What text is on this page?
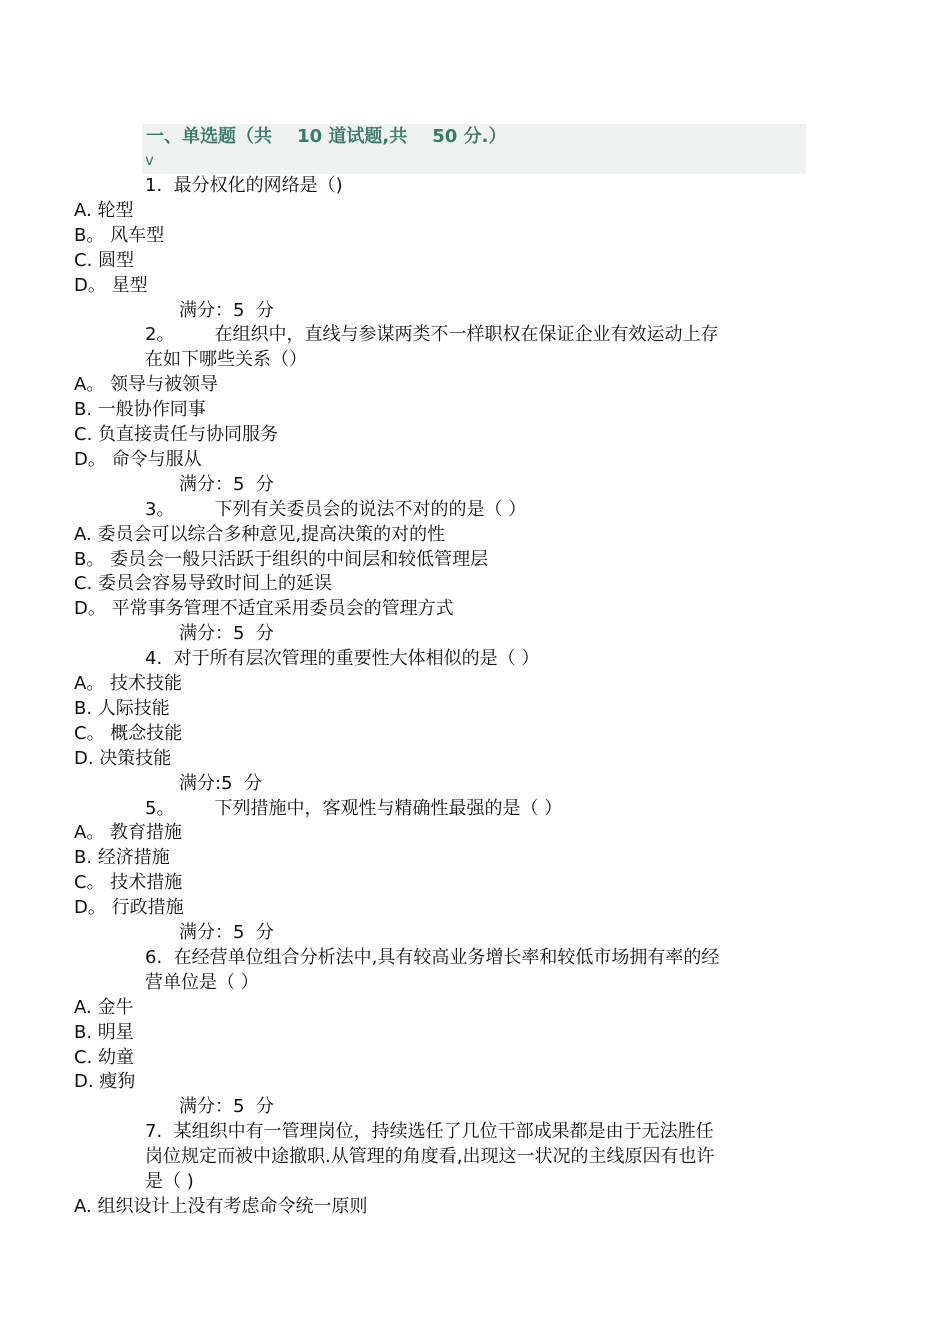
一、单选题（共    10 道试题,共    50 分.）
v
1.  最分权化的网络是（)
A. 轮型
B。 风车型
C. 圆型
D。 星型
满分：5  分
2。       在组织中，直线与参谋两类不一样职权在保证企业有效运动上存
在如下哪些关系（）
A。 领导与被领导
B. 一般协作同事
C. 负直接责任与协同服务
D。 命令与服从
满分：5  分
3。       下列有关委员会的说法不对的的是（ ）
A. 委员会可以综合多种意见,提高决策的对的性
B。 委员会一般只活跃于组织的中间层和较低管理层
C. 委员会容易导致时间上的延误
D。 平常事务管理不适宜采用委员会的管理方式
满分：5  分
4.  对于所有层次管理的重要性大体相似的是（ ）
A。 技术技能
B. 人际技能
C。 概念技能
D. 决策技能
满分:5  分
5。       下列措施中，客观性与精确性最强的是（ ）
A。 教育措施
B. 经济措施
C。 技术措施
D。 行政措施
满分：5  分
6.  在经营单位组合分析法中,具有较高业务增长率和较低市场拥有率的经
营单位是（ ）
A. 金牛
B. 明星
C. 幼童
D. 瘦狗
满分：5  分
7.  某组织中有一管理岗位，持续选任了几位干部成果都是由于无法胜任
岗位规定而被中途撤职.从管理的角度看,出现这一状况的主线原因有也许
是（ )
A. 组织设计上没有考虑命令统一原则
